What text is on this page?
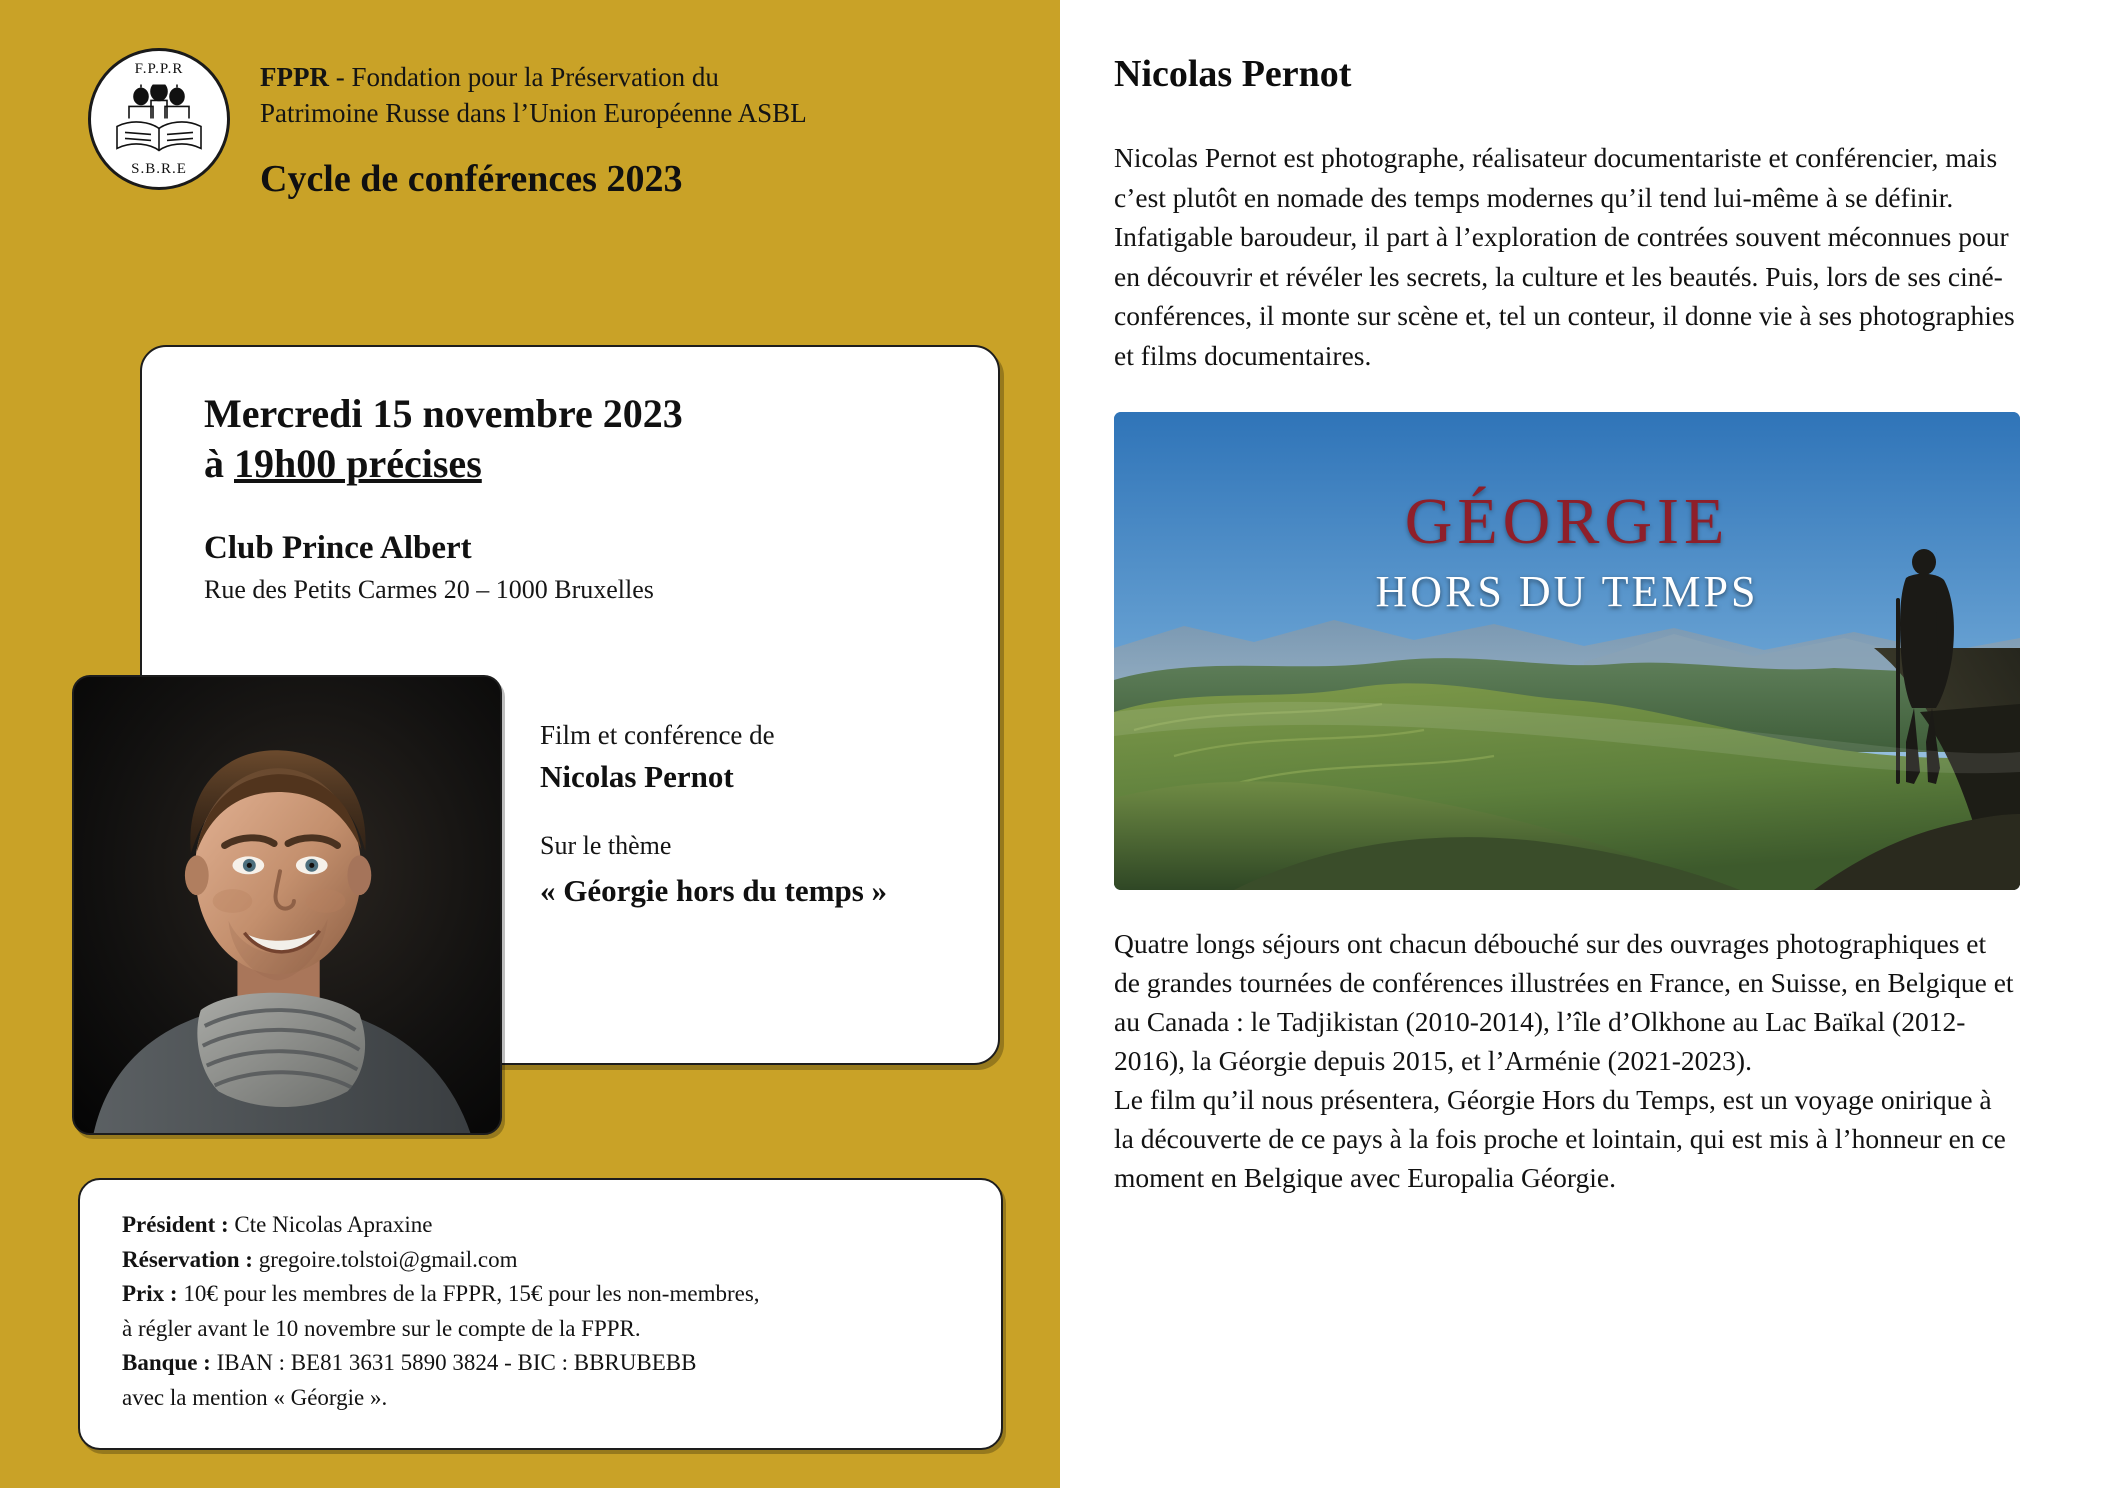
F.P.P.R
S.B.R.E
FPPR - Fondation pour la Préservation du
Patrimoine Russe dans l’Union Européenne ASBL
Cycle de conférences 2023
Mercredi 15 novembre 2023
à 19h00 précises
Club Prince Albert
Rue des Petits Carmes 20 – 1000 Bruxelles
Film et conférence de
Nicolas Pernot
Sur le thème
« Géorgie hors du temps »
Président : Cte Nicolas Apraxine
Réservation : gregoire.tolstoi@gmail.com
Prix : 10€ pour les membres de la FPPR, 15€ pour les non-membres,
à régler avant le 10 novembre sur le compte de la FPPR.
Banque : IBAN : BE81 3631 5890 3824 - BIC : BBRUBEBB
avec la mention « Géorgie ».
Nicolas Pernot
Nicolas Pernot est photographe, réalisateur documentariste et conférencier, mais c’est plutôt en nomade des temps modernes qu’il tend lui-même à se définir. Infatigable baroudeur, il part à l’exploration de contrées souvent méconnues pour en découvrir et révéler les secrets, la culture et les beautés. Puis, lors de ses ciné-conférences, il monte sur scène et, tel un conteur, il donne vie à ses photographies et films documentaires.
GÉORGIE
HORS DU TEMPS

Quatre longs séjours ont chacun débouché sur des ouvrages photographiques et de grandes tournées de conférences illustrées en France, en Suisse, en Belgique et au Canada : le Tadjikistan (2010-2014), l’île d’Olkhone au Lac Baïkal (2012-2016), la Géorgie depuis 2015, et l’Arménie (2021-2023).

Le film qu’il nous présentera, Géorgie Hors du Temps, est un voyage onirique à la découverte de ce pays à la fois proche et lointain, qui est mis à l’honneur en ce moment en Belgique avec Europalia Géorgie.
